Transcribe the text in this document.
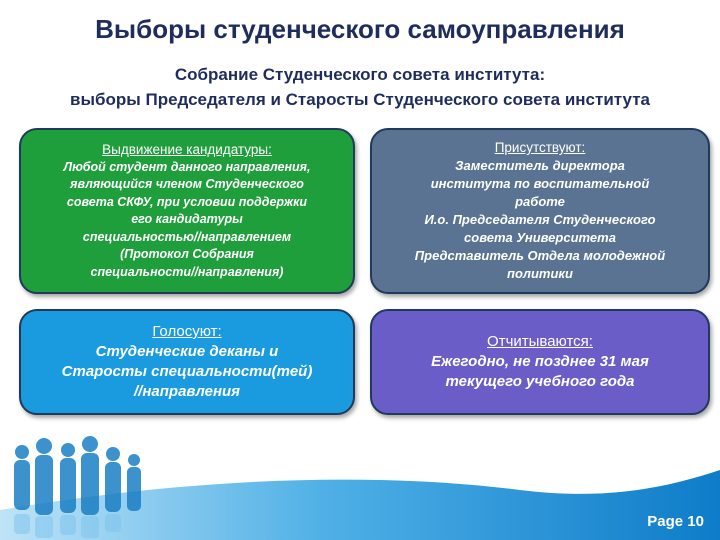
Выборы студенческого самоуправления
Собрание Студенческого совета института:
выборы Председателя и Старосты Студенческого совета института
Выдвижение кандидатуры:
Любой студент данного направления,
являющийся членом Студенческого
совета СКФУ, при условии поддержки
его кандидатуры
специальностью//направлением
(Протокол Собрания
специальности//направления)
Присутствуют:
Заместитель директора
института по воспитательной
работе
И.о. Председателя Студенческого
совета Университета
Представитель Отдела молодежной
политики
Голосуют:
Студенческие деканы и
Старосты специальности(тей)
//направления
Отчитываются:
Ежегодно, не позднее 31 мая
текущего учебного года
Page 10
